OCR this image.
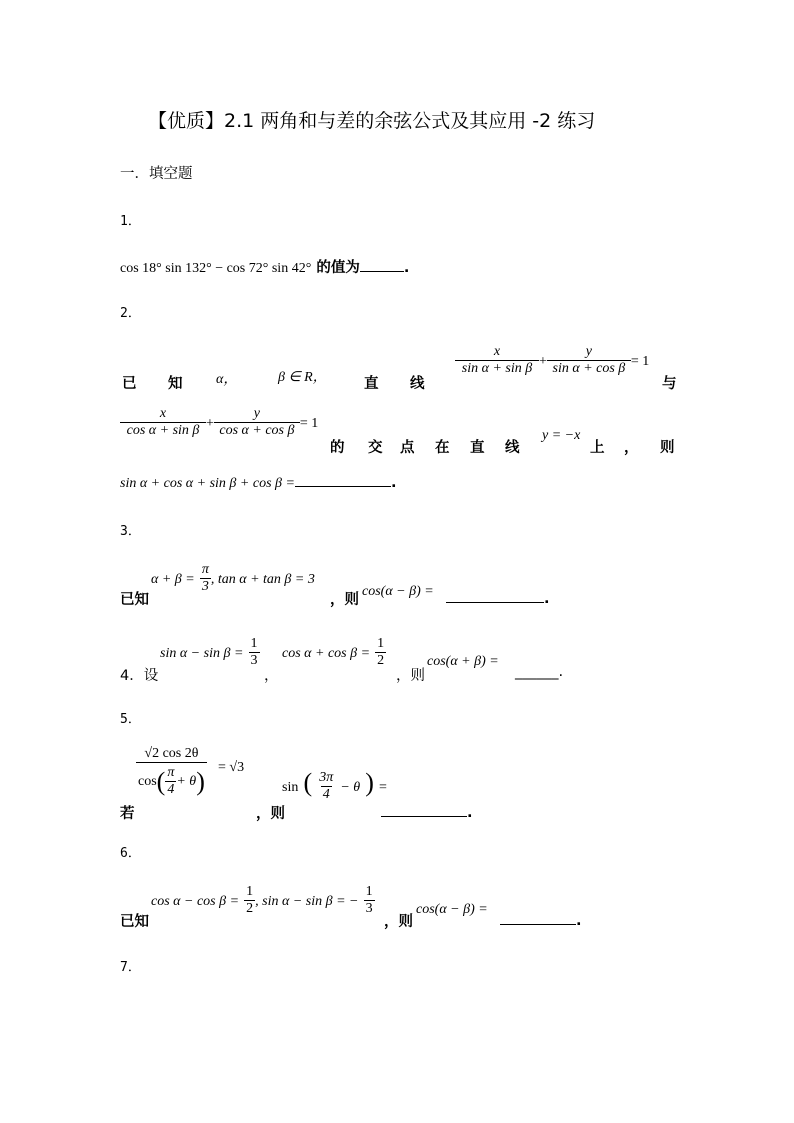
【优质】2.1 两角和与差的余弦公式及其应用 -2 练习
一．填空题
1．
cos 18° sin 132° − cos 72° sin 42° 的值为	.
2．
已 知 α，	β ∈ R，	直 线
$\frac{x}{\text{sin α + sin β}} + \frac{y}{\text{sin α + cos β}} = 1$
与
$\frac{x}{\text{cos α + sin β}} + \frac{y}{\text{cos α + cos β}} = 1$
的 交 点 在 直 线
y = −x
上 ， 则
sin α + cos α + sin β + cos β =	.
3．
已知
$\alpha + \beta = \frac{\pi}{3}$ , tan α + tan β = 3
，则
cos(α − β) =	.
4．设
$\sin \alpha - \sin \beta = \frac{1}{3}$
，
$\cos \alpha + \cos \beta = \frac{1}{2}$
，则
cos(α + β) =
______.
5．
若
√2 cos 2θ
cos ( $\frac{\pi}{4} + \theta$ ) = √3
，则
sin ( $\frac{3\pi}{4} - \theta$ ) =
.
6．
已知
$\cos \alpha - \cos \beta = \frac{1}{2}$ , sin α − sin β = − $\frac{1}{3}$
，则
cos(α − β) =
.
7．
